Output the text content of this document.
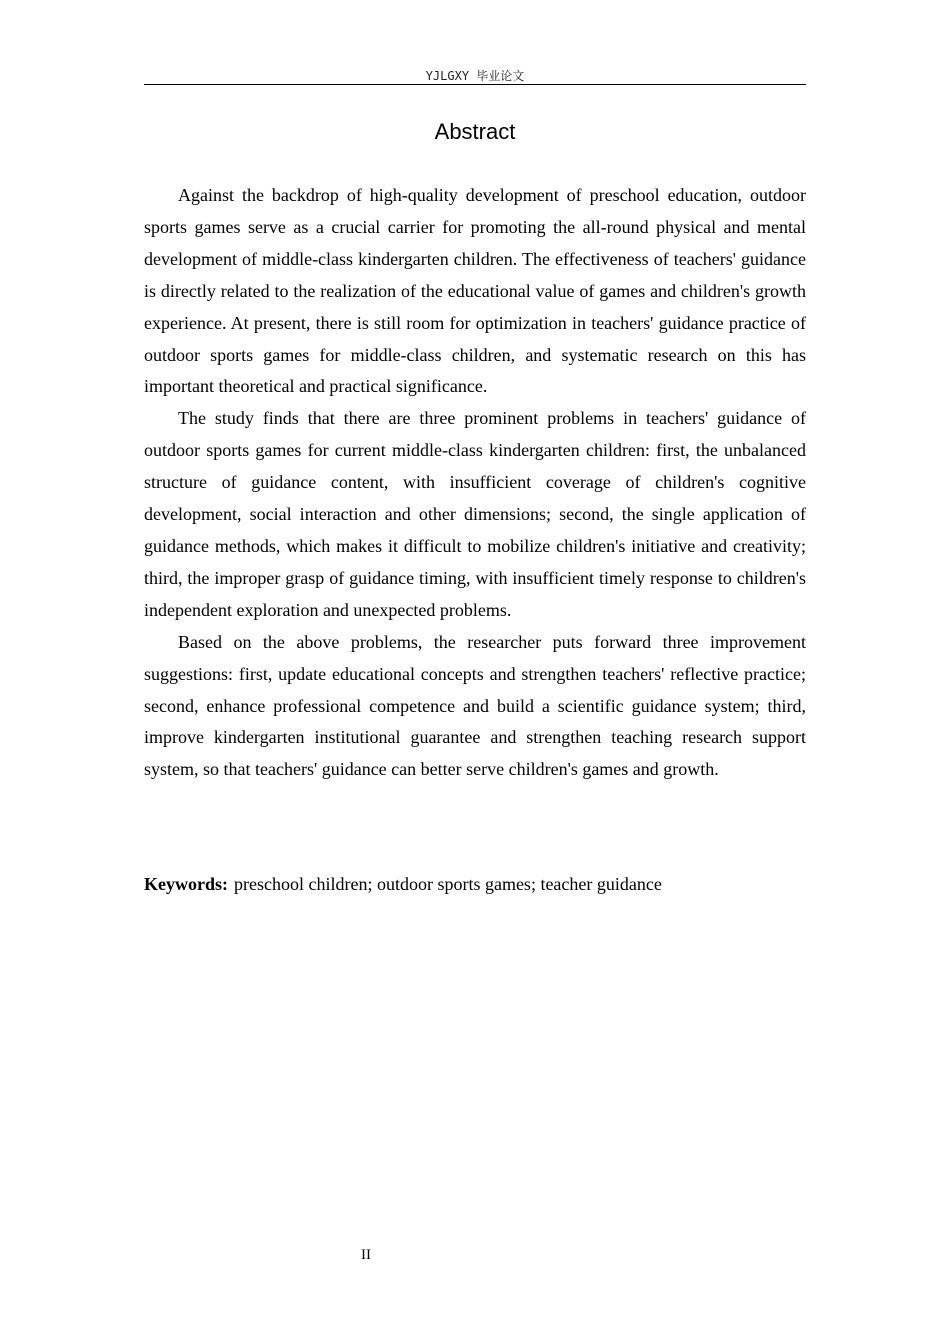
YJLGXY 毕业论文
Abstract

Against the backdrop of high-quality development of preschool education, outdoor sports games serve as a crucial carrier for promoting the all-round physical and mental development of middle-class kindergarten children. The effectiveness of teachers' guidance is directly related to the realization of the educational value of games and children's growth experience. At present, there is still room for optimization in teachers' guidance practice of outdoor sports games for middle-class children, and systematic research on this has important theoretical and practical significance.

The study finds that there are three prominent problems in teachers' guidance of outdoor sports games for current middle-class kindergarten children: first, the unbalanced structure of guidance content, with insufficient coverage of children's cognitive development, social interaction and other dimensions; second, the single application of guidance methods, which makes it difficult to mobilize children's initiative and creativity; third, the improper grasp of guidance timing, with insufficient timely response to children's independent exploration and unexpected problems.

Based on the above problems, the researcher puts forward three improvement suggestions: first, update educational concepts and strengthen teachers' reflective practice; second, enhance professional competence and build a scientific guidance system; third, improve kindergarten institutional guarantee and strengthen teaching research support system, so that teachers' guidance can better serve children's games and growth.

Keywords: preschool children; outdoor sports games; teacher guidance
II
